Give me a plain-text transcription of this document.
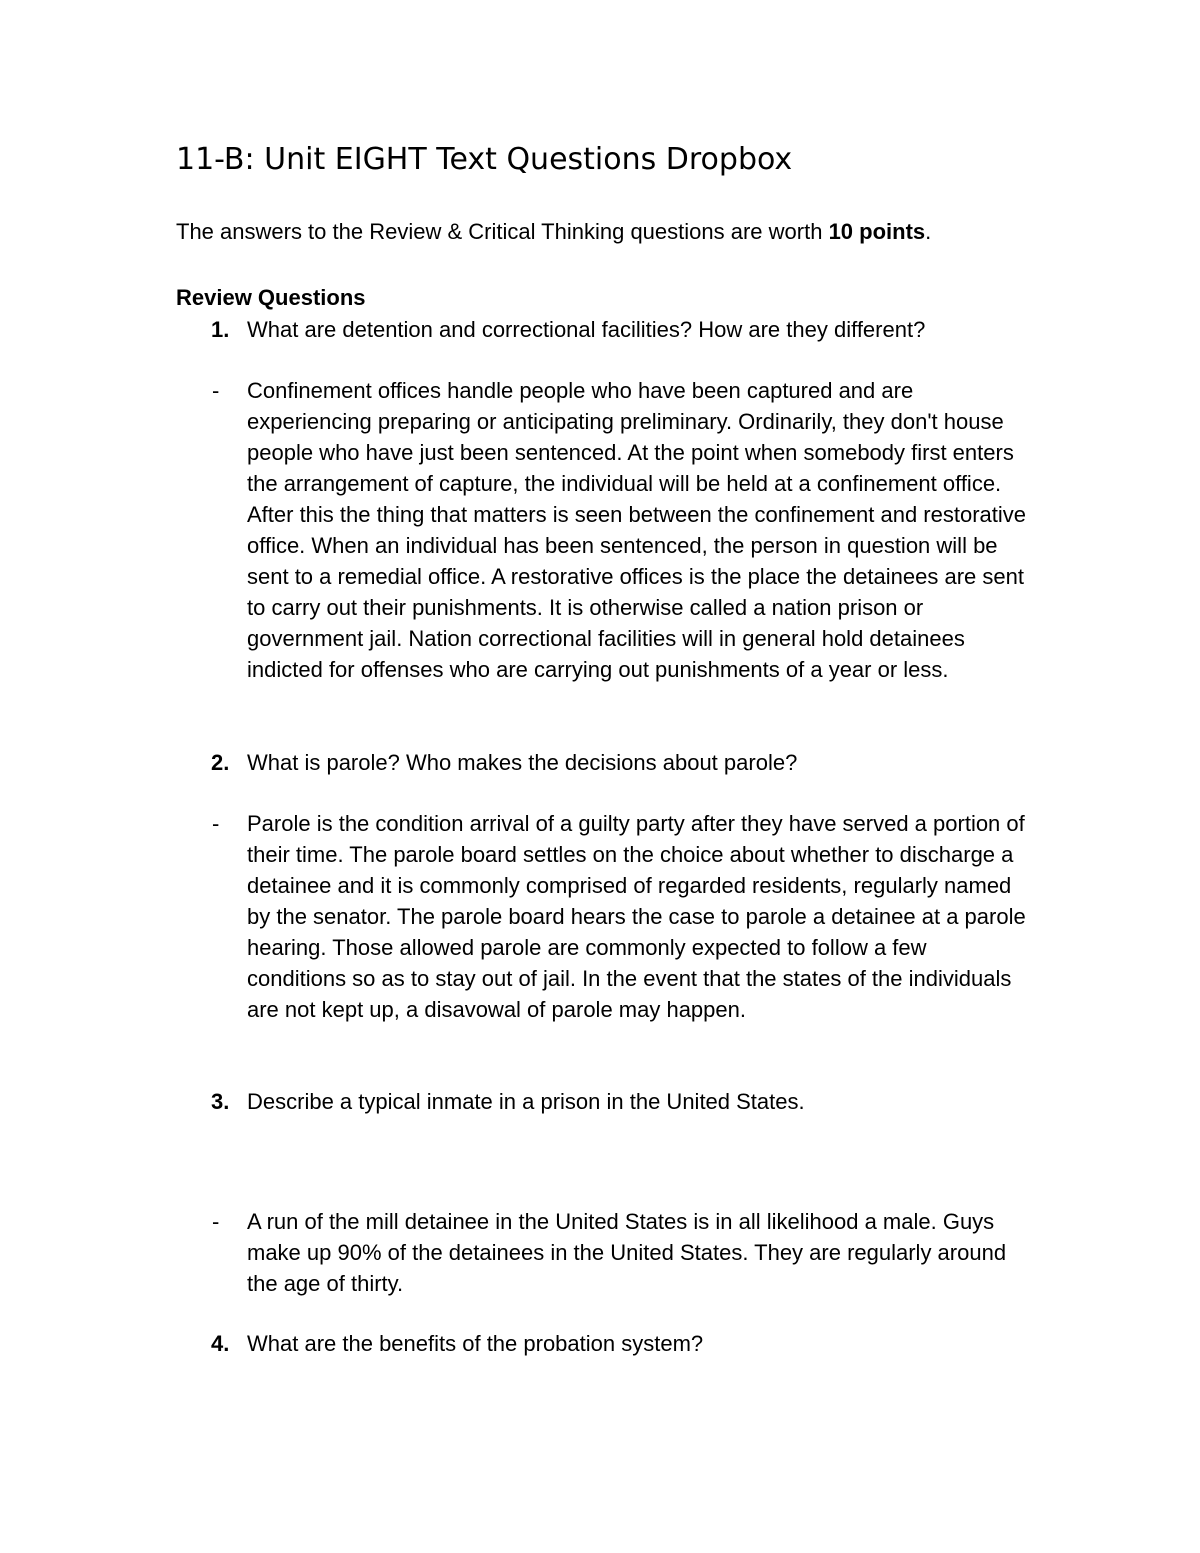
11-B: Unit EIGHT Text Questions Dropbox
The answers to the Review & Critical Thinking questions are worth 10 points.
Review Questions
1. What are detention and correctional facilities? How are they different?
- Confinement offices handle people who have been captured and are experiencing preparing or anticipating preliminary. Ordinarily, they don't house people who have just been sentenced. At the point when somebody first enters the arrangement of capture, the individual will be held at a confinement office. After this the thing that matters is seen between the confinement and restorative office. When an individual has been sentenced, the person in question will be sent to a remedial office. A restorative offices is the place the detainees are sent to carry out their punishments. It is otherwise called a nation prison or government jail. Nation correctional facilities will in general hold detainees indicted for offenses who are carrying out punishments of a year or less.
2. What is parole? Who makes the decisions about parole?
- Parole is the condition arrival of a guilty party after they have served a portion of their time. The parole board settles on the choice about whether to discharge a detainee and it is commonly comprised of regarded residents, regularly named by the senator. The parole board hears the case to parole a detainee at a parole hearing. Those allowed parole are commonly expected to follow a few conditions so as to stay out of jail. In the event that the states of the individuals are not kept up, a disavowal of parole may happen.
3. Describe a typical inmate in a prison in the United States.
- A run of the mill detainee in the United States is in all likelihood a male. Guys make up 90% of the detainees in the United States. They are regularly around the age of thirty.
4. What are the benefits of the probation system?
